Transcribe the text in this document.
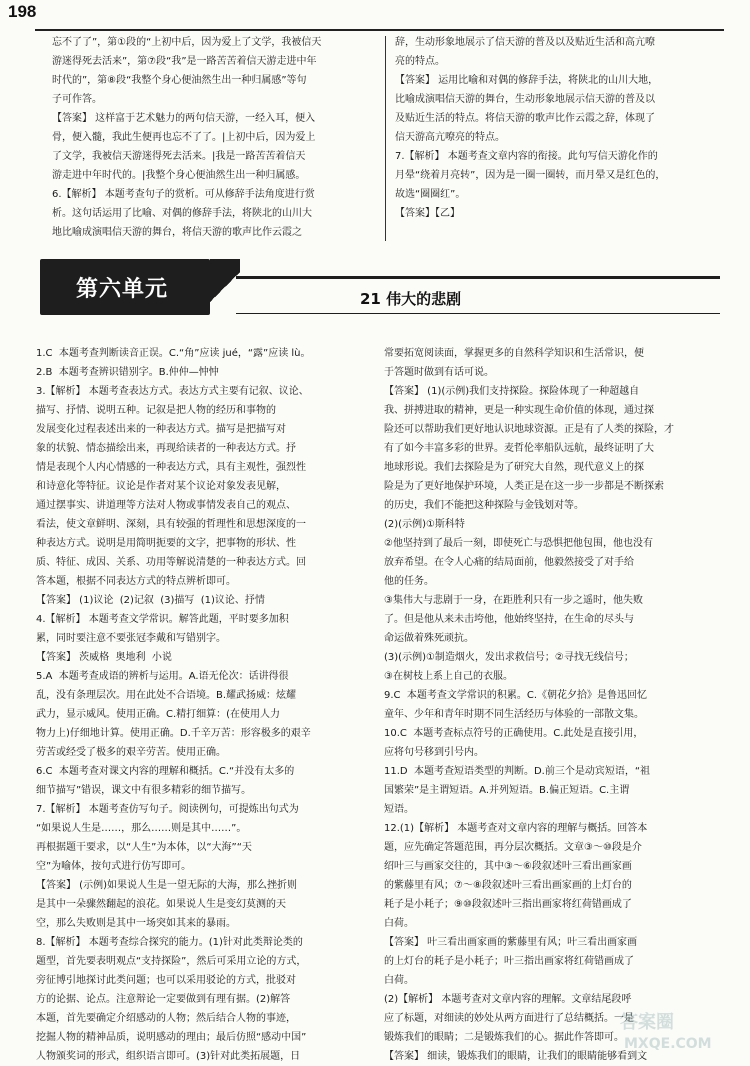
198
忘不了了”，第①段的“上初中后，因为爱上了文学，我被信天
游迷得死去活来”，第⑦段“我”是一路苦苦着信天游走进中年
时代的”，第⑧段“我整个身心便油然生出一种归属感”等句
子可作答。
【答案】 这样富于艺术魅力的两句信天游，一经入耳，便入
骨，便入髓，我此生便再也忘不了了。|上初中后，因为爱上
了文学，我被信天游迷得死去活来。|我是一路苦苦着信天
游走进中年时代的。|我整个身心便油然生出一种归属感。
6.【解析】 本题考查句子的赏析。可从修辞手法角度进行赏
析。这句话运用了比喻、对偶的修辞手法，将陕北的山川大
地比喻成演唱信天游的舞台，将信天游的歌声比作云霞之
辞，生动形象地展示了信天游的普及以及贴近生活和高亢嘹
亮的特点。
【答案】 运用比喻和对偶的修辞手法，将陕北的山川大地，
比喻成演唱信天游的舞台，生动形象地展示信天游的普及以
及贴近生活的特点。将信天游的歌声比作云霞之辞，体现了
信天游高亢嘹亮的特点。
7.【解析】 本题考查文章内容的衔接。此句写信天游化作的
月晕“绕着月亮转”，因为是一圈一圈转，而月晕又是红色的，
故选“圈圈红”。
【答案】【乙】
第六单元	21 伟大的悲剧
1.C  本题考查判断读音正误。C.“角”应读 jué，“露”应读 lù。
2.B  本题考查辨识错别字。B.仲仲—忡忡
3.【解析】 本题考查表达方式。表达方式主要有记叙、议论、
描写、抒情、说明五种。记叙是把人物的经历和事物的
发展变化过程表述出来的一种表达方式。描写是把描写对
象的状貌、情态描绘出来，再现给读者的一种表达方式。抒
情是表现个人内心情感的一种表达方式，具有主观性，强烈性
和诗意化等特征。议论是作者对某个议论对象发表见解，
通过摆事实、讲道理等方法对人物或事情发表自己的观点、
看法，使文章鲜明、深刻，具有较强的哲理性和思想深度的一
种表达方式。说明是用简明扼要的文字，把事物的形状、性
质、特征、成因、关系、功用等解说清楚的一种表达方式。回
答本题，根据不同表达方式的特点辨析即可。
【答案】 (1)议论  (2)记叙  (3)描写  (1)议论、抒情
4.【解析】 本题考查文学常识。解答此题，平时要多加积
累，同时要注意不要张冠李戴和写错别字。
【答案】 茨威格  奥地利  小说
5.A  本题考查成语的辨析与运用。A.语无伦次：话讲得很
乱，没有条理层次。用在此处不合语境。B.耀武扬威：炫耀
武力，显示威风。使用正确。C.精打细算：(在使用人力
物力上)仔细地计算。使用正确。D.千辛万苦：形容极多的艰辛
劳苦或经受了极多的艰辛劳苦。使用正确。
6.C  本题考查对课文内容的理解和概括。C.“并没有太多的
细节描写”错误，课文中有很多精彩的细节描写。
7.【解析】 本题考查仿写句子。阅读例句，可提炼出句式为
“如果说人生是……，那么……则是其中……”。
再根据题干要求，以“人生”为本体，以“大海”“天
空”为喻体，按句式进行仿写即可。
【答案】 (示例)如果说人生是一望无际的大海，那么挫折则
是其中一朵骤然翻起的浪花。如果说人生是变幻莫测的天
空，那么失败则是其中一场突如其来的暴雨。
8.【解析】 本题考查综合探究的能力。(1)针对此类辩论类的
题型，首先要表明观点“支持探险”，然后可采用立论的方式，
旁征博引地探讨此类问题；也可以采用驳论的方式，批驳对
方的论据、论点。注意辩论一定要做到有理有据。(2)解答
本题，首先要确定介绍感动的人物；然后结合人物的事迹，
挖掘人物的精神品质，说明感动的理由；最后仿照“感动中国”
人物颁奖词的形式，组织语言即可。(3)针对此类拓展题，日
常要拓宽阅读面，掌握更多的自然科学知识和生活常识，便
于答题时做到有话可说。
【答案】 (1)(示例)我们支持探险。探险体现了一种超越自
我、拼搏进取的精神，更是一种实现生命价值的体现，通过探
险还可以帮助我们更好地认识地球资源。正是有了人类的探险，才
有了如今丰富多彩的世界。麦哲伦率船队远航，最终证明了大
地球形说。我们去探险是为了研究大自然，现代意义上的探
险是为了更好地保护环境，人类正是在这一步一步都是不断探索
的历史，我们不能把这种探险与金钱划对等。
(2)(示例)①斯科特
②他坚持到了最后一刻，即使死亡与恐惧把他包围，他也没有
放弃希望。在令人心痛的结局面前，他毅然接受了对手给
他的任务。
③集伟大与悲剧于一身，在距胜利只有一步之遥时，他失败
了。但是他从来未击垮他，他始终坚持，在生命的尽头与
命运做着殊死顽抗。
(3)(示例)①制造烟火，发出求救信号；②寻找无线信号；
③在树枝上系上自己的衣服。
9.C  本题考查文学常识的积累。C.《朝花夕拾》是鲁迅回忆
童年、少年和青年时期不同生活经历与体验的一部散文集。
10.C  本题考查标点符号的正确使用。C.此处是直接引用，
应将句号移到引号内。
11.D  本题考查短语类型的判断。D.前三个是动宾短语，“祖
国繁荣”是主谓短语。A.并列短语。B.偏正短语。C.主谓
短语。
12.(1)【解析】 本题考查对文章内容的理解与概括。回答本
题，应先确定答题范围，再分层次概括。文章③～⑩段是介
绍叶三与画家交往的，其中③～⑥段叙述叶三看出画家画
的紫藤里有风；⑦～⑧段叙述叶三看出画家画的上灯台的
耗子是小耗子；⑨⑩段叙述叶三指出画家将红荷错画成了
白荷。
【答案】 叶三看出画家画的紫藤里有风；叶三看出画家画
的上灯台的耗子是小耗子；叶三指出画家将红荷错画成了
白荷。
(2)【解析】 本题考查对文章内容的理解。文章结尾段呼
应了标题，对细读的妙处从两方面进行了总结概括。一是
锻炼我们的眼睛；二是锻炼我们的心。据此作答即可。
【答案】 细读，锻炼我们的眼睛，让我们的眼睛能够看到文
答案圈
MXQE.COM
